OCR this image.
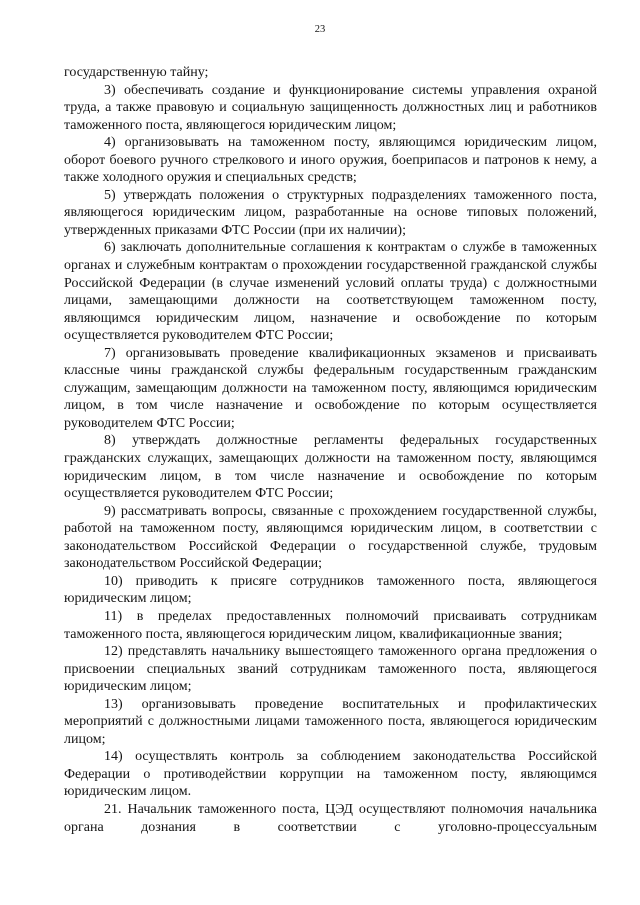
23

государственную тайну;

3) обеспечивать создание и функционирование системы управления охраной труда, а также правовую и социальную защищенность должностных лиц и работников таможенного поста, являющегося юридическим лицом;

4) организовывать на таможенном посту, являющимся юридическим лицом, оборот боевого ручного стрелкового и иного оружия, боеприпасов и патронов к нему, а также холодного оружия и специальных средств;

5) утверждать положения о структурных подразделениях таможенного поста, являющегося юридическим лицом, разработанные на основе типовых положений, утвержденных приказами ФТС России (при их наличии);

6) заключать дополнительные соглашения к контрактам о службе в таможенных органах и служебным контрактам о прохождении государственной гражданской службы Российской Федерации (в случае изменений условий оплаты труда) с должностными лицами, замещающими должности на соответствующем таможенном посту, являющимся юридическим лицом, назначение и освобождение по которым осуществляется руководителем ФТС России;

7) организовывать проведение квалификационных экзаменов и присваивать классные чины гражданской службы федеральным государственным гражданским служащим, замещающим должности на таможенном посту, являющимся юридическим лицом, в том числе назначение и освобождение по которым осуществляется руководителем ФТС России;

8) утверждать должностные регламенты федеральных государственных гражданских служащих, замещающих должности на таможенном посту, являющимся юридическим лицом, в том числе назначение и освобождение по которым осуществляется руководителем ФТС России;

9) рассматривать вопросы, связанные с прохождением государственной службы, работой на таможенном посту, являющимся юридическим лицом, в соответствии с законодательством Российской Федерации о государственной службе, трудовым законодательством Российской Федерации;

10) приводить к присяге сотрудников таможенного поста, являющегося юридическим лицом;

11) в пределах предоставленных полномочий присваивать сотрудникам таможенного поста, являющегося юридическим лицом, квалификационные звания;

12) представлять начальнику вышестоящего таможенного органа предложения о присвоении специальных званий сотрудникам таможенного поста, являющегося юридическим лицом;

13) организовывать проведение воспитательных и профилактических мероприятий с должностными лицами таможенного поста, являющегося юридическим лицом;

14) осуществлять контроль за соблюдением законодательства Российской Федерации о противодействии коррупции на таможенном посту, являющимся юридическим лицом.

21. Начальник таможенного поста, ЦЭД осуществляют полномочия начальника органа дознания в соответствии с уголовно-процессуальным
